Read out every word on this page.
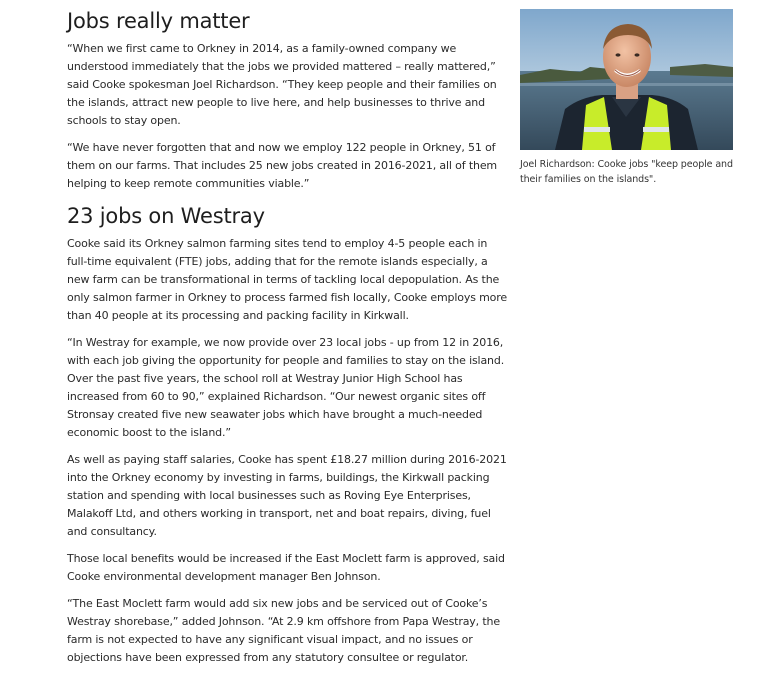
Jobs really matter

“When we first came to Orkney in 2014, as a family-owned company we understood immediately that the jobs we provided mattered – really mattered,” said Cooke spokesman Joel Richardson. “They keep people and their families on the islands, attract new people to live here, and help businesses to thrive and schools to stay open.

“We have never forgotten that and now we employ 122 people in Orkney, 51 of them on our farms. That includes 25 new jobs created in 2016-2021, all of them helping to keep remote communities viable.”

23 jobs on Westray

Cooke said its Orkney salmon farming sites tend to employ 4-5 people each in full-time equivalent (FTE) jobs, adding that for the remote islands especially, a new farm can be transformational in terms of tackling local depopulation. As the only salmon farmer in Orkney to process farmed fish locally, Cooke employs more than 40 people at its processing and packing facility in Kirkwall.

“In Westray for example, we now provide over 23 local jobs - up from 12 in 2016, with each job giving the opportunity for people and families to stay on the island. Over the past five years, the school roll at Westray Junior High School has increased from 60 to 90,” explained Richardson. “Our newest organic sites off Stronsay created five new seawater jobs which have brought a much-needed economic boost to the island.”

As well as paying staff salaries, Cooke has spent £18.27 million during 2016-2021 into the Orkney economy by investing in farms, buildings, the Kirkwall packing station and spending with local businesses such as Roving Eye Enterprises, Malakoff Ltd, and others working in transport, net and boat repairs, diving, fuel and consultancy.

Those local benefits would be increased if the East Moclett farm is approved, said Cooke environmental development manager Ben Johnson.

“The East Moclett farm would add six new jobs and be serviced out of Cooke’s Westray shorebase,” added Johnson. “At 2.9 km offshore from Papa Westray, the farm is not expected to have any significant visual impact, and no issues or objections have been expressed from any statutory consultee or regulator.

Joel Richardson: Cooke jobs "keep people and their families on the islands".
